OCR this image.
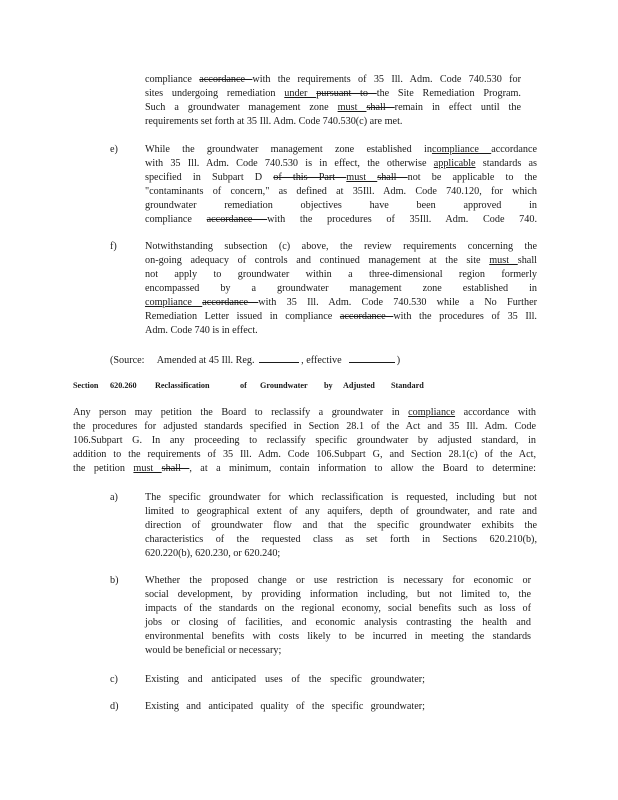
compliance accordance with the requirements of 35 Ill. Adm. Code 740.530 for
sites undergoing remediation under pursuant to the Site Remediation Program.
Such a groundwater management zone must shall remain in effect until the
requirements set forth at 35 Ill. Adm. Code 740.530(c) are met.
e)	While the groundwater management zone established incompliance accordance
with 35 Ill. Adm. Code 740.530 is in effect, the otherwise applicable standards as
specified in Subpart D of this Part must shall not be applicable to the
"contaminants of concern," as defined at 35Ill. Adm. Code 740.120, for which
groundwater remediation objectives have been approved in
compliance accordance with the procedures of 35Ill. Adm. Code 740.
f)	Notwithstanding subsection (c) above, the review requirements concerning the
on-going adequacy of controls and continued management at the site must shall
not apply to groundwater within a three-dimensional region formerly
encompassed by a groundwater management zone established in
compliance accordance with 35 Ill. Adm. Code 740.530 while a No Further
Remediation Letter issued in compliance accordance with the procedures of 35 Ill.
Adm. Code 740 is in effect.
(Source: Amended at 45 Ill. Reg.	, effective	)
Section 620.260 Reclassification	of Groundwater by Adjusted Standard
Any person may petition the Board to reclassify a groundwater in compliance accordance with
the procedures for adjusted standards specified in Section 28.1 of the Act and 35 Ill. Adm. Code
106.Subpart G. In any proceeding to reclassify specific groundwater by adjusted standard, in
addition to the requirements of 35 Ill. Adm. Code 106.Subpart G, and Section 28.1(c) of the Act,
the petition must shall , at a minimum, contain information to allow the Board to determine:
a)	The specific groundwater for which reclassification is requested, including but not
limited to geographical extent of any aquifers, depth of groundwater, and rate and
direction of groundwater flow and that the specific groundwater exhibits the
characteristics of the requested class as set forth in Sections 620.210(b),
620.220(b), 620.230, or 620.240;
b)	Whether the proposed change or use restriction is necessary for economic or
social development, by providing information including, but not limited to, the
impacts of the standards on the regional economy, social benefits such as loss of
jobs or closing of facilities, and economic analysis contrasting the health and
environmental benefits with costs likely to be incurred in meeting the standards
would be beneficial or necessary;
c)	Existing and anticipated uses of the specific groundwater;
d)	Existing and anticipated quality of the specific groundwater;
